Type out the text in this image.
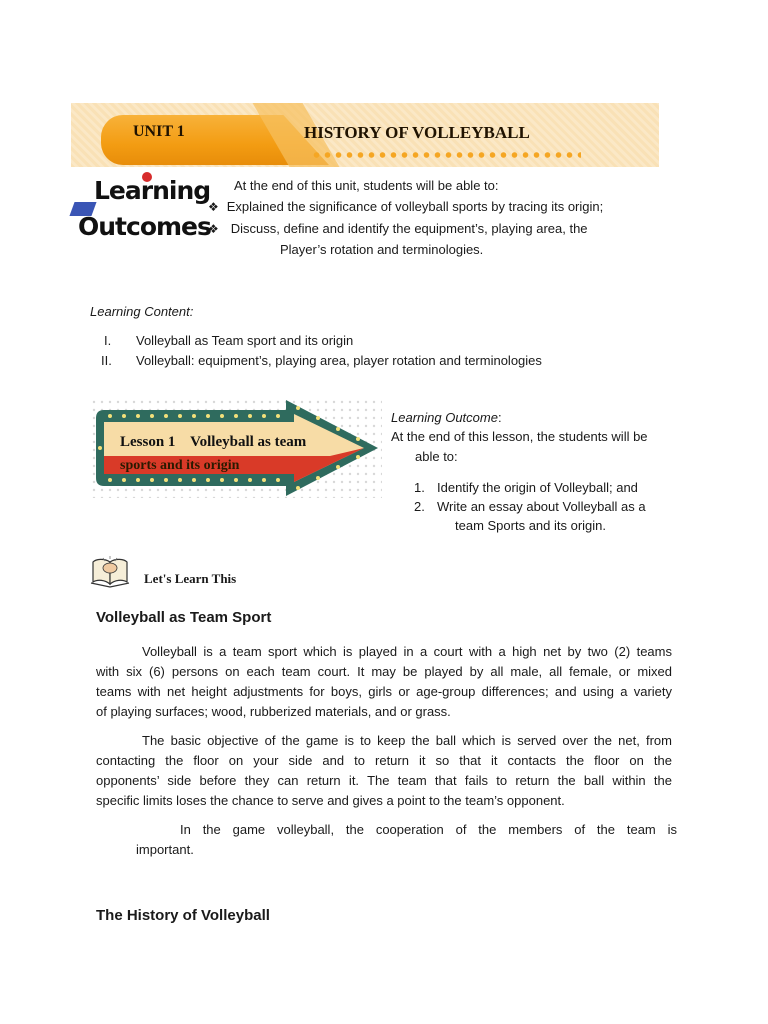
UNIT 1	HISTORY OF VOLLEYBALL
Learning
Outcomes
At the end of this unit, students will be able to:
❖ Explained the significance of volleyball sports by tracing its origin;
❖ Discuss, define and identify the equipment’s, playing area, the
Player’s rotation and terminologies.
Learning Content:
I. Volleyball as Team sport and its origin
II. Volleyball: equipment’s, playing area, player rotation and terminologies
Lesson 1    Volleyball as team
sports and its origin
Learning Outcome:
At the end of this lesson, the students will be
able to:
1. Identify the origin of Volleyball; and
2. Write an essay about Volleyball as a
team Sports and its origin.
Let's Learn This
Volleyball as Team Sport
Volleyball is a team sport which is played in a court with a high net by two (2) teams
with six (6) persons on each team court. It may be played by all male, all female, or mixed
teams with net height adjustments for boys, girls or age-group differences; and using a variety
of playing surfaces; wood, rubberized materials, and or grass.
The basic objective of the game is to keep the ball which is served over the net, from
contacting the floor on your side and to return it so that it contacts the floor on the
opponents’ side before they can return it. The team that fails to return the ball within the
specific limits loses the chance to serve and gives a point to the team’s opponent.
In the game volleyball, the cooperation of the members of the team is
important.
The History of Volleyball
